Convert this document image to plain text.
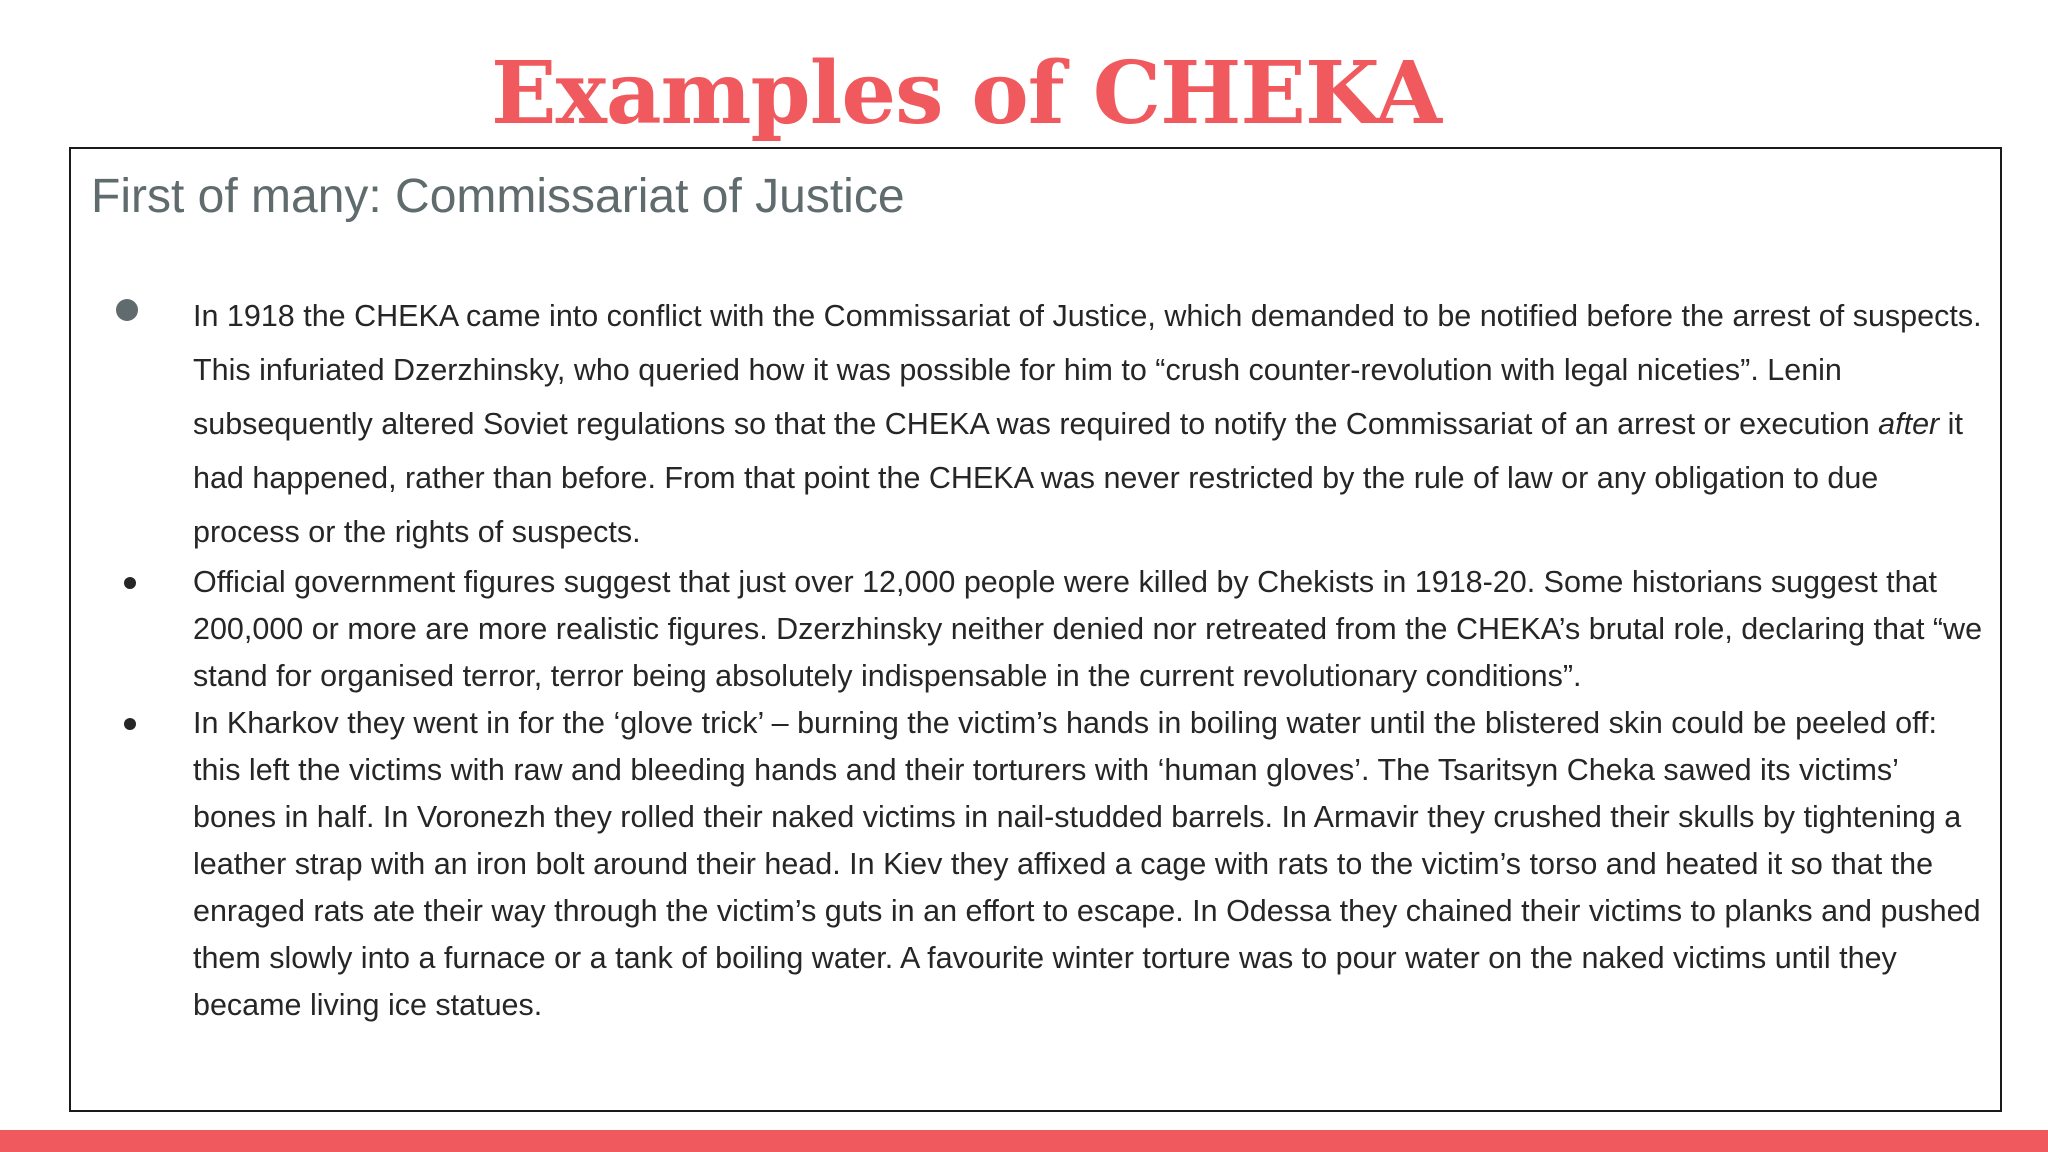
Examples of CHEKA
First of many: Commissariat of Justice
In 1918 the CHEKA came into conflict with the Commissariat of Justice, which demanded to be notified before the arrest of suspects. This infuriated Dzerzhinsky, who queried how it was possible for him to “crush counter-revolution with legal niceties”. Lenin subsequently altered Soviet regulations so that the CHEKA was required to notify the Commissariat of an arrest or execution after it had happened, rather than before. From that point the CHEKA was never restricted by the rule of law or any obligation to due process or the rights of suspects.
Official government figures suggest that just over 12,000 people were killed by Chekists in 1918-20. Some historians suggest that 200,000 or more are more realistic figures. Dzerzhinsky neither denied nor retreated from the CHEKA’s brutal role, declaring that “we stand for organised terror, terror being absolutely indispensable in the current revolutionary conditions”.
In Kharkov they went in for the ‘glove trick’ – burning the victim’s hands in boiling water until the blistered skin could be peeled off: this left the victims with raw and bleeding hands and their torturers with ‘human gloves’. The Tsaritsyn Cheka sawed its victims’ bones in half. In Voronezh they rolled their naked victims in nail-studded barrels. In Armavir they crushed their skulls by tightening a leather strap with an iron bolt around their head. In Kiev they affixed a cage with rats to the victim’s torso and heated it so that the enraged rats ate their way through the victim’s guts in an effort to escape. In Odessa they chained their victims to planks and pushed them slowly into a furnace or a tank of boiling water. A favourite winter torture was to pour water on the naked victims until they became living ice statues.
